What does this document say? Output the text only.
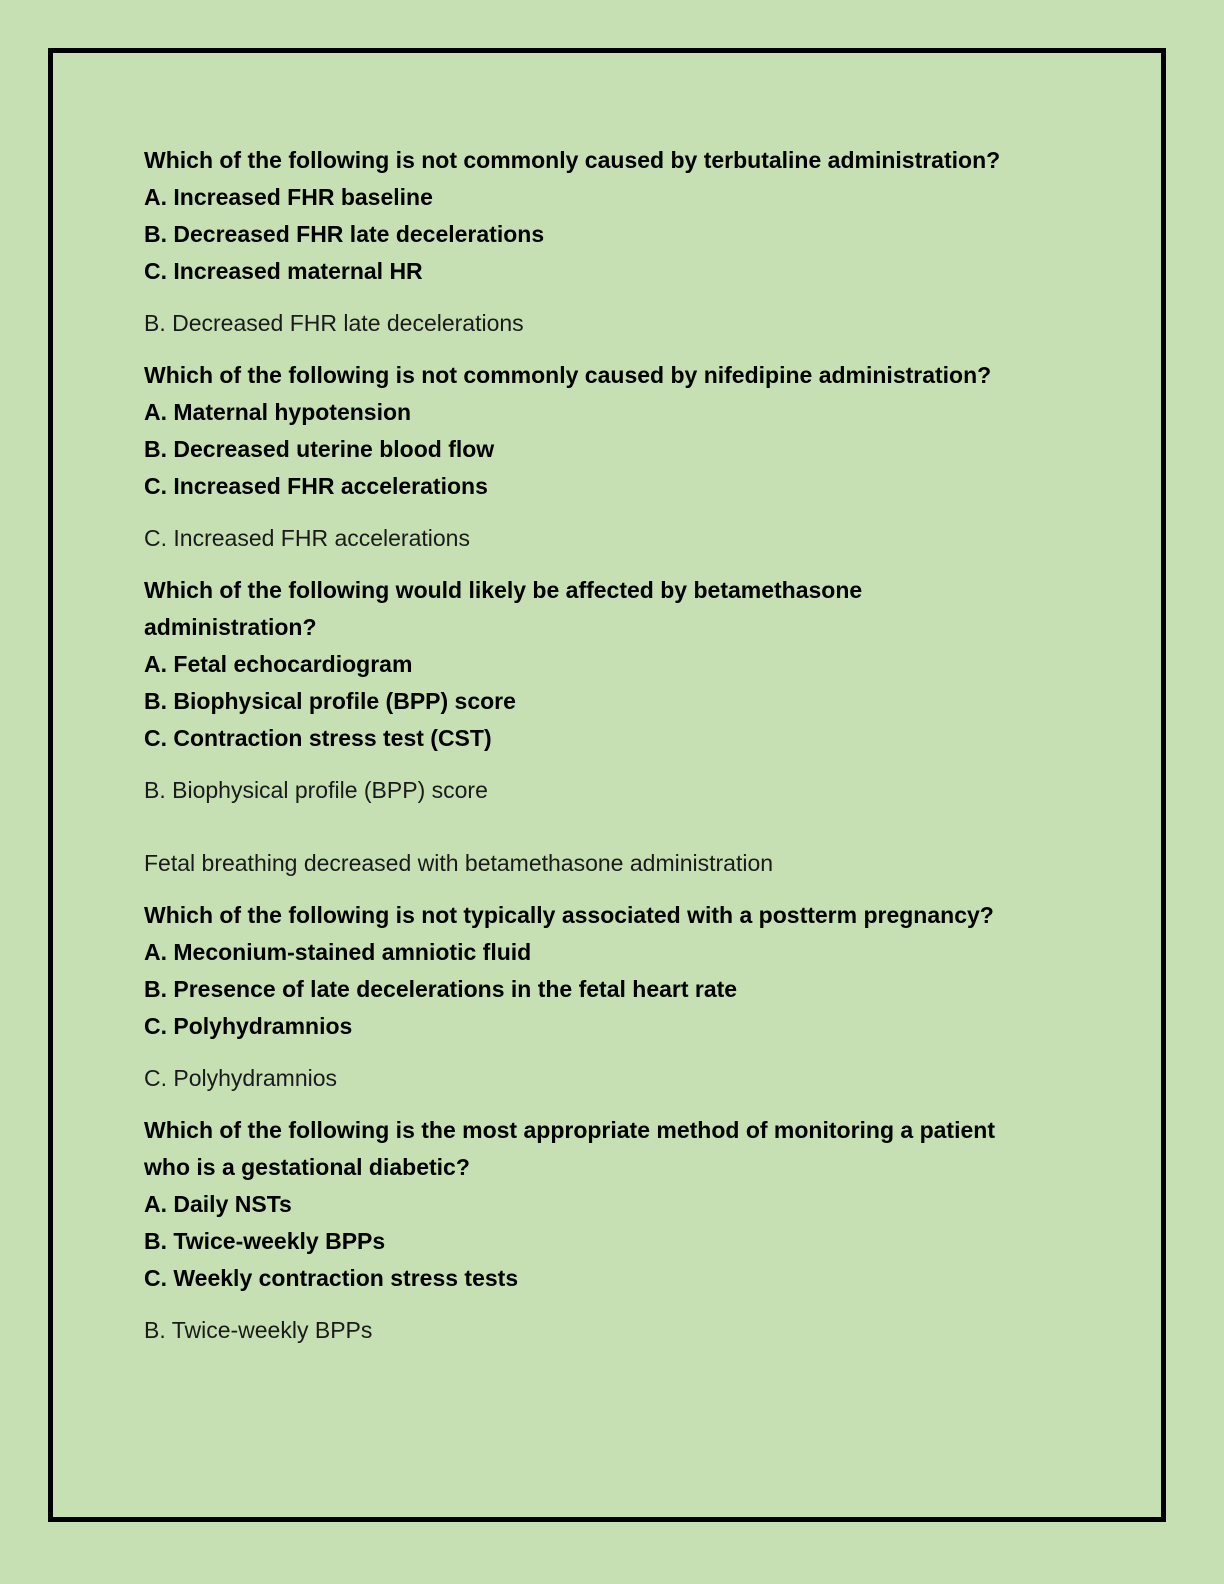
Which of the following is not commonly caused by terbutaline administration?

A. Increased FHR baseline

B. Decreased FHR late decelerations

C. Increased maternal HR

B. Decreased FHR late decelerations

Which of the following is not commonly caused by nifedipine administration?

A. Maternal hypotension

B. Decreased uterine blood flow

C. Increased FHR accelerations

C. Increased FHR accelerations

Which of the following would likely be affected by betamethasone administration?

A. Fetal echocardiogram

B. Biophysical profile (BPP) score

C. Contraction stress test (CST)

B. Biophysical profile (BPP) score

Fetal breathing decreased with betamethasone administration

Which of the following is not typically associated with a postterm pregnancy?

A. Meconium-stained amniotic fluid

B. Presence of late decelerations in the fetal heart rate

C. Polyhydramnios

C. Polyhydramnios

Which of the following is the most appropriate method of monitoring a patient who is a gestational diabetic?

A. Daily NSTs

B. Twice-weekly BPPs

C. Weekly contraction stress tests

B. Twice-weekly BPPs
